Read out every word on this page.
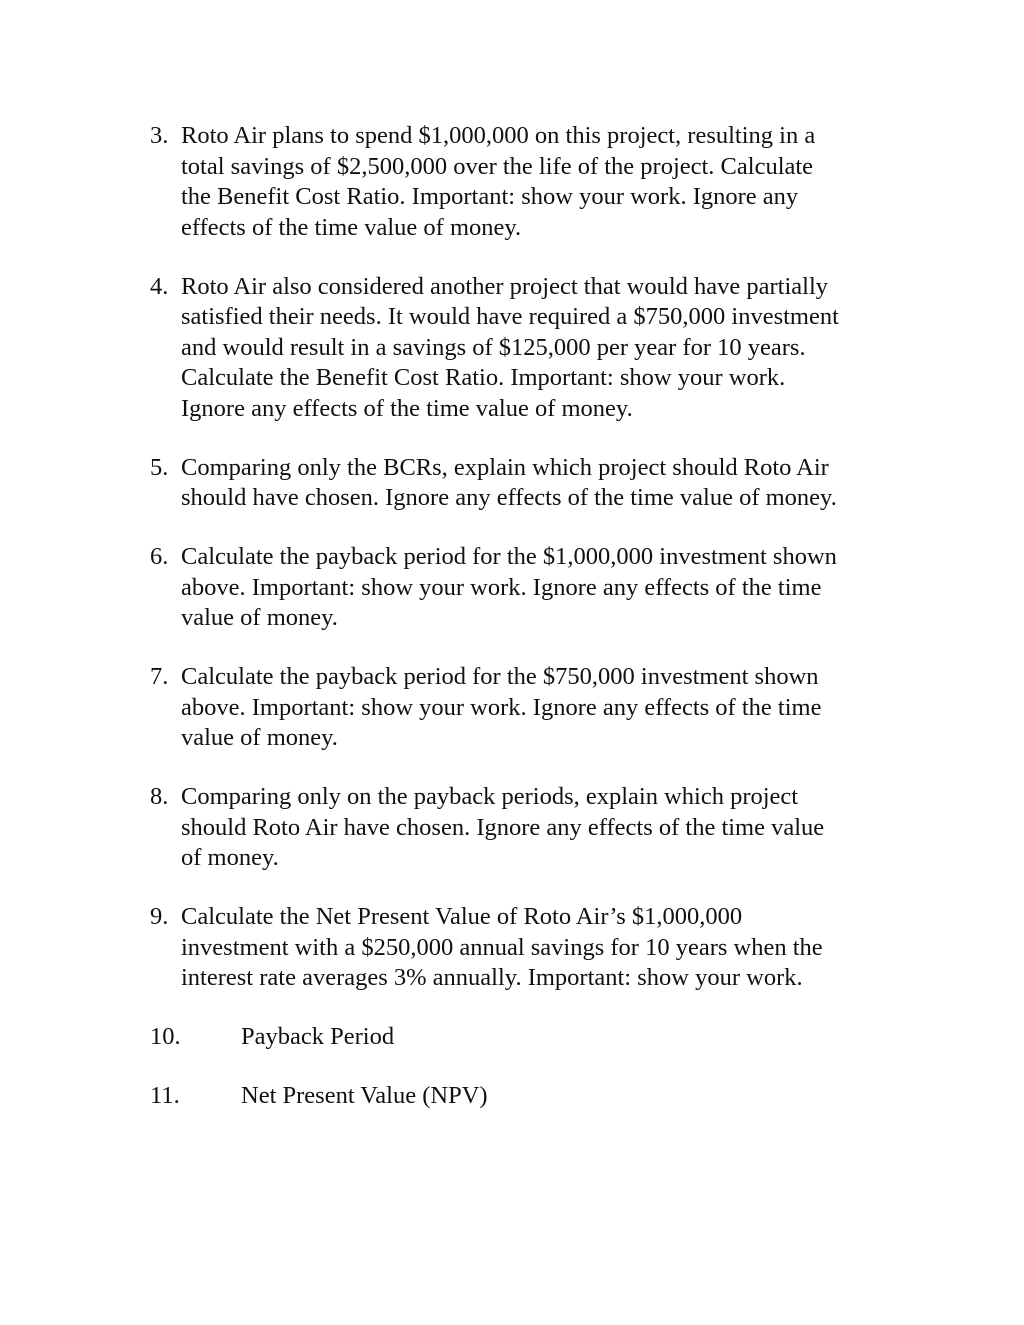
3. Roto Air plans to spend $1,000,000 on this project, resulting in a
total savings of $2,500,000 over the life of the project. Calculate
the Benefit Cost Ratio. Important: show your work. Ignore any
effects of the time value of money.
4. Roto Air also considered another project that would have partially
satisfied their needs. It would have required a $750,000 investment
and would result in a savings of $125,000 per year for 10 years.
Calculate the Benefit Cost Ratio. Important: show your work.
Ignore any effects of the time value of money.
5. Comparing only the BCRs, explain which project should Roto Air
should have chosen. Ignore any effects of the time value of money.
6. Calculate the payback period for the $1,000,000 investment shown
above. Important: show your work. Ignore any effects of the time
value of money.
7. Calculate the payback period for the $750,000 investment shown
above. Important: show your work. Ignore any effects of the time
value of money.
8. Comparing only on the payback periods, explain which project
should Roto Air have chosen. Ignore any effects of the time value
of money.
9. Calculate the Net Present Value of Roto Air’s $1,000,000
investment with a $250,000 annual savings for 10 years when the
interest rate averages 3% annually. Important: show your work.
10. Payback Period
11.	Net Present Value (NPV)
